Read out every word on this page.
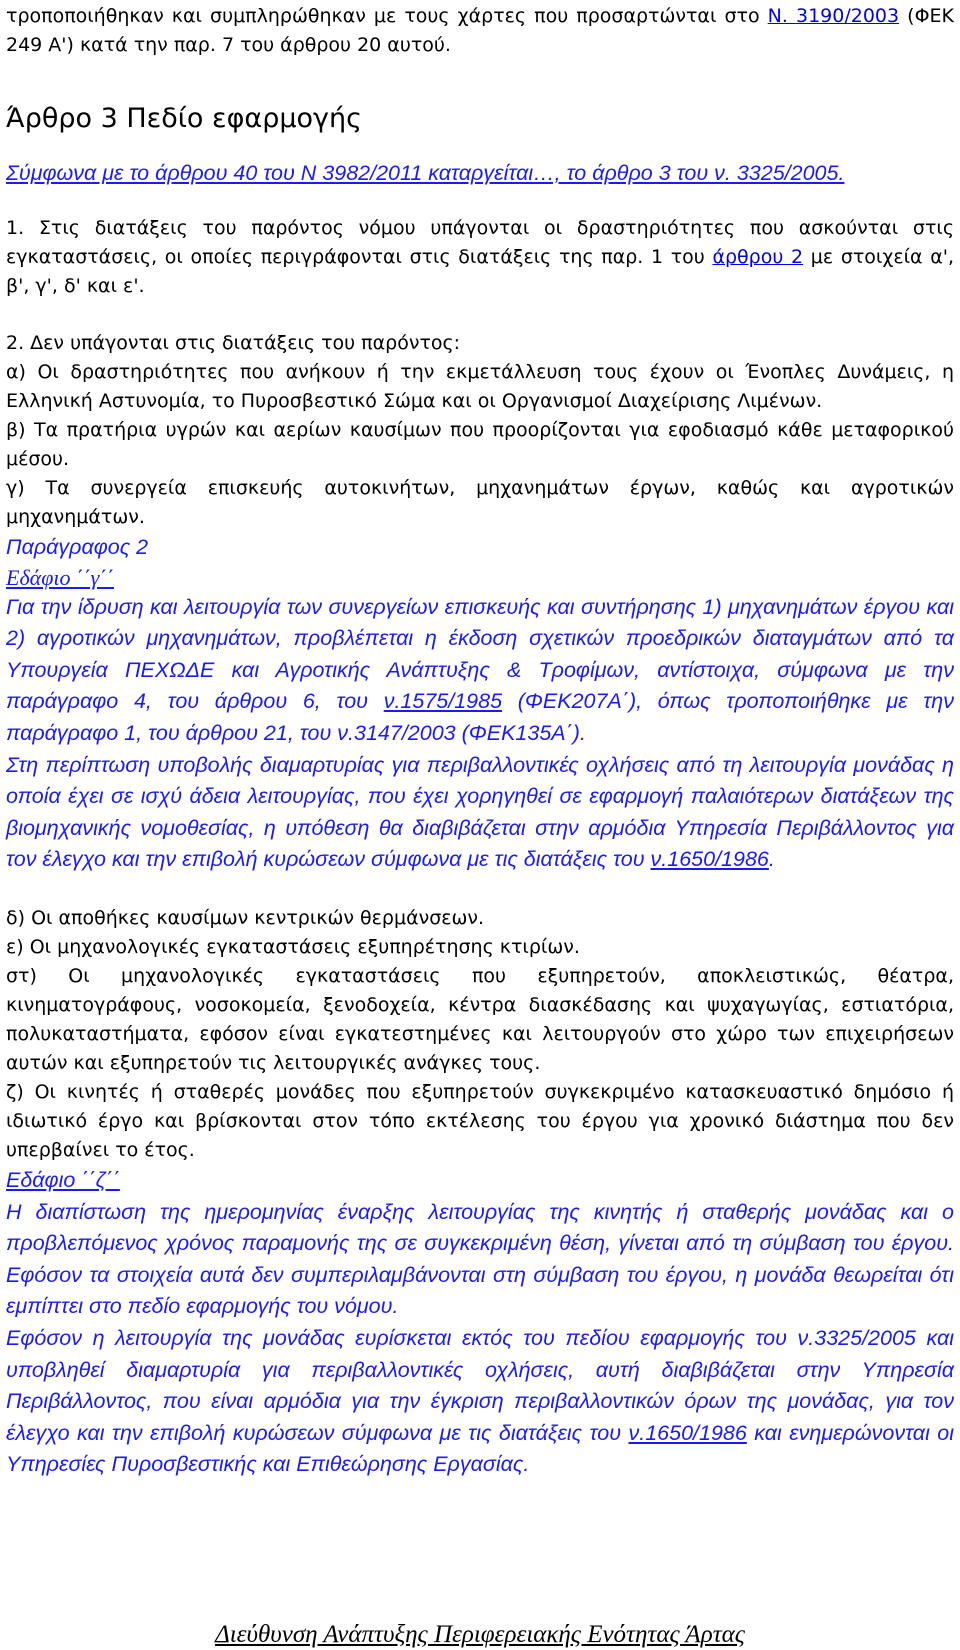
τροποποιήθηκαν και συμπληρώθηκαν με τους χάρτες που προσαρτώνται στο Ν. 3190/2003 (ΦΕΚ 249 Α') κατά την παρ. 7 του άρθρου 20 αυτού.

Άρθρο 3 Πεδίο εφαρμογής

Σύμφωνα με το άρθρου 40 του Ν 3982/2011 καταργείται…, το άρθρο 3 του ν. 3325/2005.

1. Στις διατάξεις του παρόντος νόμου υπάγονται οι δραστηριότητες που ασκούνται στις εγκαταστάσεις, οι οποίες περιγράφονται στις διατάξεις της παρ. 1 του άρθρου 2 με στοιχεία α', β', γ', δ' και ε'.

2. Δεν υπάγονται στις διατάξεις του παρόντος:

α) Οι δραστηριότητες που ανήκουν ή την εκμετάλλευση τους έχουν οι Ένοπλες Δυνάμεις, η Ελληνική Αστυνομία, το Πυροσβεστικό Σώμα και οι Οργανισμοί Διαχείρισης Λιμένων.

β) Τα πρατήρια υγρών και αερίων καυσίμων που προορίζονται για εφοδιασμό κάθε μεταφορικού μέσου.

γ) Τα συνεργεία επισκευής αυτοκινήτων, μηχανημάτων έργων, καθώς και αγροτικών μηχανημάτων.

Παράγραφος 2

Εδάφιο ΄΄γ΄΄

Για την ίδρυση και λειτουργία των συνεργείων επισκευής και συντήρησης 1) μηχανημάτων έργου και 2) αγροτικών μηχανημάτων, προβλέπεται η έκδοση σχετικών προεδρικών διαταγμάτων από τα Υπουργεία ΠΕΧΩΔΕ και Αγροτικής Ανάπτυξης & Τροφίμων, αντίστοιχα, σύμφωνα με την παράγραφο 4, του άρθρου 6, του ν.1575/1985 (ΦΕΚ207Α΄), όπως τροποποιήθηκε με την παράγραφο 1, του άρθρου 21, του ν.3147/2003 (ΦΕΚ135Α΄).

Στη περίπτωση υποβολής διαμαρτυρίας για περιβαλλοντικές οχλήσεις από τη λειτουργία μονάδας η οποία έχει σε ισχύ άδεια λειτουργίας, που έχει χορηγηθεί σε εφαρμογή παλαιότερων διατάξεων της βιομηχανικής νομοθεσίας, η υπόθεση θα διαβιβάζεται στην αρμόδια Υπηρεσία Περιβάλλοντος για τον έλεγχο και την επιβολή κυρώσεων σύμφωνα με τις διατάξεις του ν.1650/1986.

δ) Οι αποθήκες καυσίμων κεντρικών θερμάνσεων.

ε) Οι μηχανολογικές εγκαταστάσεις εξυπηρέτησης κτιρίων.

στ) Οι μηχανολογικές εγκαταστάσεις που εξυπηρετούν, αποκλειστικώς, θέατρα, κινηματογράφους, νοσοκομεία, ξενοδοχεία, κέντρα διασκέδασης και ψυχαγωγίας, εστιατόρια, πολυκαταστήματα, εφόσον είναι εγκατεστημένες και λειτουργούν στο χώρο των επιχειρήσεων αυτών και εξυπηρετούν τις λειτουργικές ανάγκες τους.

ζ) Οι κινητές ή σταθερές μονάδες που εξυπηρετούν συγκεκριμένο κατασκευαστικό δημόσιο ή ιδιωτικό έργο και βρίσκονται στον τόπο εκτέλεσης του έργου για χρονικό διάστημα που δεν υπερβαίνει το έτος.

Εδάφιο ΄΄ζ΄΄

Η διαπίστωση της ημερομηνίας έναρξης λειτουργίας της κινητής ή σταθερής μονάδας και ο προβλεπόμενος χρόνος παραμονής της σε συγκεκριμένη θέση, γίνεται από τη σύμβαση του έργου. Εφόσον τα στοιχεία αυτά δεν συμπεριλαμβάνονται στη σύμβαση του έργου, η μονάδα θεωρείται ότι εμπίπτει στο πεδίο εφαρμογής του νόμου.

Εφόσον η λειτουργία της μονάδας ευρίσκεται εκτός του πεδίου εφαρμογής του ν.3325/2005 και υποβληθεί διαμαρτυρία για περιβαλλοντικές οχλήσεις, αυτή διαβιβάζεται στην Υπηρεσία Περιβάλλοντος, που είναι αρμόδια για την έγκριση περιβαλλοντικών όρων της μονάδας, για τον έλεγχο και την επιβολή κυρώσεων σύμφωνα με τις διατάξεις του ν.1650/1986 και ενημερώνονται οι Υπηρεσίες Πυροσβεστικής και Επιθεώρησης Εργασίας.

Διεύθυνση Ανάπτυξης Περιφερειακής Ενότητας Άρτας
